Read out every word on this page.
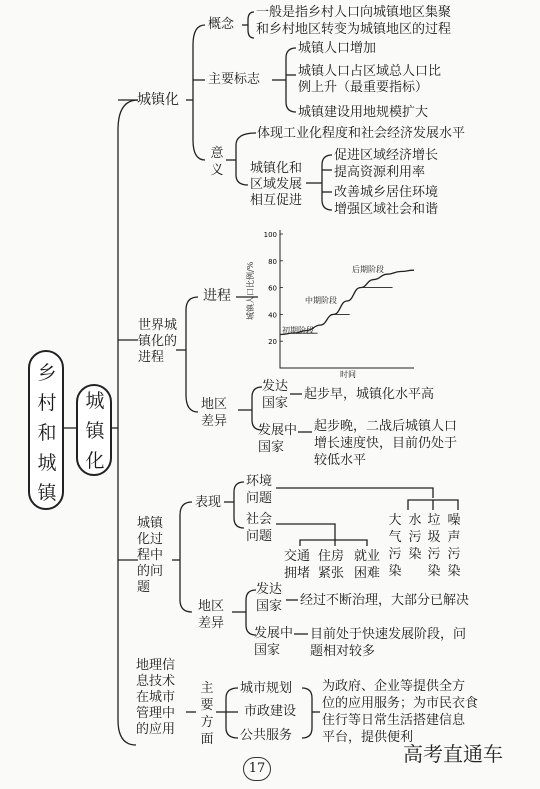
乡村和城镇
城镇化
城镇化
概念
一般是指乡村人口向城镇地区集聚
和乡村地区转变为城镇地区的过程
主要标志
城镇人口增加
城镇人口占区域总人口比
例上升（最重要指标）
城镇建设用地规模扩大
意义
体现工业化程度和社会经济发展水平
城镇化和
区域发展
相互促进
促进区域经济增长
提高资源利用率
改善城乡居住环境
增强区域社会和谐
世界城镇化的进程
进程
20
40
60
80
100
城镇人口比例/%
时间
初期阶段
中期阶段
后期阶段
地区差异
发达国家
起步早，城镇化水平高
发展中国家
起步晚，二战后城镇人口
增长速度快，目前仍处于
较低水平
城镇化过程中的问题
表现
环境问题
社会问题
大气污染
水污染
垃圾污染
噪声污染
交通拥堵
住房紧张
就业困难
地区差异
发达国家	经过不断治理，大部分已解决
发展中国家
目前处于快速发展阶段，问
题相对较多
地理信息技术在城市管理中的应用
主要方面
城市规划
市政建设
公共服务
为政府、企业等提供全方
位的应用服务；为市民衣食
住行等日常生活搭建信息
平台，提供便利
17
高考直通车
